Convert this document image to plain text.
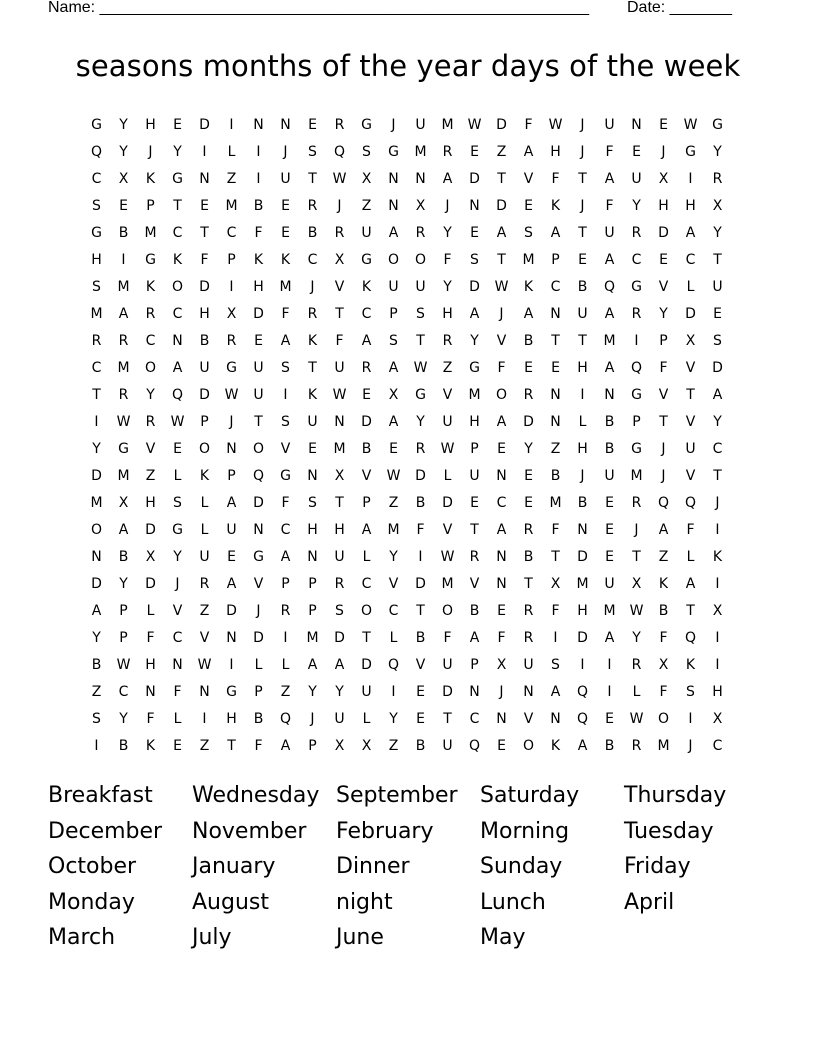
Name: _______________________________________________________ Date: _______
seasons months of the year days of the week
G	Y	H	E	D	I	N	N	E	R	G	J	U	M	W	D	F	W	J	U	N	E	W	G
Q	Y	J	Y	I	L	I	J	S	Q	S	G	M	R	E	Z	A	H	J	F	E	J	G	Y
C	X	K	G	N	Z	I	U	T	W	X	N	N	A	D	T	V	F	T	A	U	X	I	R
S	E	P	T	E	M	B	E	R	J	Z	N	X	J	N	D	E	K	J	F	Y	H	H	X
G	B	M	C	T	C	F	E	B	R	U	A	R	Y	E	A	S	A	T	U	R	D	A	Y
H	I	G	K	F	P	K	K	C	X	G	O	O	F	S	T	M	P	E	A	C	E	C	T
S	M	K	O	D	I	H	M	J	V	K	U	U	Y	D	W	K	C	B	Q	G	V	L	U
M	A	R	C	H	X	D	F	R	T	C	P	S	H	A	J	A	N	U	A	R	Y	D	E
R	R	C	N	B	R	E	A	K	F	A	S	T	R	Y	V	B	T	T	M	I	P	X	S
C	M	O	A	U	G	U	S	T	U	R	A	W	Z	G	F	E	E	H	A	Q	F	V	D
T	R	Y	Q	D	W	U	I	K	W	E	X	G	V	M	O	R	N	I	N	G	V	T	A
I	W	R	W	P	J	T	S	U	N	D	A	Y	U	H	A	D	N	L	B	P	T	V	Y
Y	G	V	E	O	N	O	V	E	M	B	E	R	W	P	E	Y	Z	H	B	G	J	U	C
D	M	Z	L	K	P	Q	G	N	X	V	W	D	L	U	N	E	B	J	U	M	J	V	T
M	X	H	S	L	A	D	F	S	T	P	Z	B	D	E	C	E	M	B	E	R	Q	Q	J
O	A	D	G	L	U	N	C	H	H	A	M	F	V	T	A	R	F	N	E	J	A	F	I
N	B	X	Y	U	E	G	A	N	U	L	Y	I	W	R	N	B	T	D	E	T	Z	L	K
D	Y	D	J	R	A	V	P	P	R	C	V	D	M	V	N	T	X	M	U	X	K	A	I
A	P	L	V	Z	D	J	R	P	S	O	C	T	O	B	E	R	F	H	M	W	B	T	X
Y	P	F	C	V	N	D	I	M	D	T	L	B	F	A	F	R	I	D	A	Y	F	Q	I
B	W	H	N	W	I	L	L	A	A	D	Q	V	U	P	X	U	S	I	I	R	X	K	I
Z	C	N	F	N	G	P	Z	Y	Y	U	I	E	D	N	J	N	A	Q	I	L	F	S	H
S	Y	F	L	I	H	B	Q	J	U	L	Y	E	T	C	N	V	N	Q	E	W	O	I	X
I	B	K	E	Z	T	F	A	P	X	X	Z	B	U	Q	E	O	K	A	B	R	M	J	C
Breakfast	Wednesday September	Saturday	Thursday
December	November	February	Morning	Tuesday
October	January	Dinner	Sunday	Friday
Monday	August	night	Lunch	April
March	July	June	May
